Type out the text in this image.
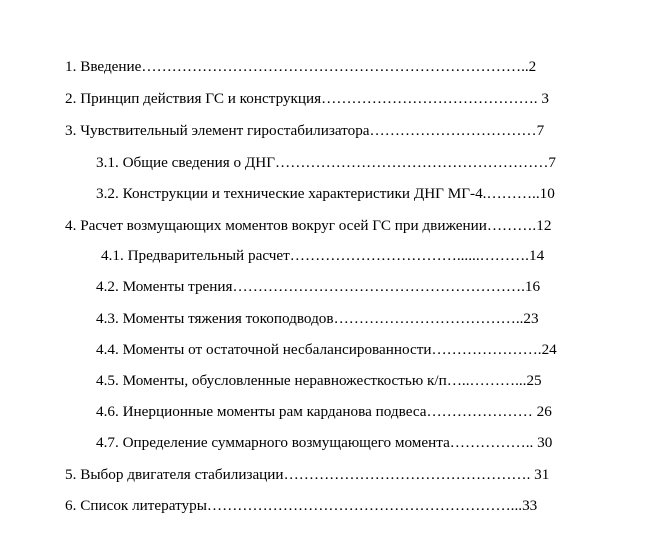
1. Введение…………………………………………………………………..2
2. Принцип действия ГС и конструкция……………………………………. 3
3. Чувствительный элемент гиростабилизатора……………………………7
3.1. Общие сведения о ДНГ………………………………………………7
3.2. Конструкции и технические характеристики ДНГ МГ-4.………..10
4. Расчет возмущающих моментов вокруг осей ГС при движении……….12
4.1. Предварительный расчет……………………………......……….14
4.2. Моменты трения………………………………………………….16
4.3. Моменты тяжения токоподводов………………………………..23
4.4. Моменты от остаточной несбалансированности………………….24
4.5. Моменты, обусловленные неравножесткостью к/п…..………...25
4.6. Инерционные моменты рам карданова подвеса………………… 26
4.7. Определение суммарного возмущающего момента…………….. 30
5. Выбор двигателя стабилизации…………………………………………. 31
6. Список литературы……………………………………………………...33
